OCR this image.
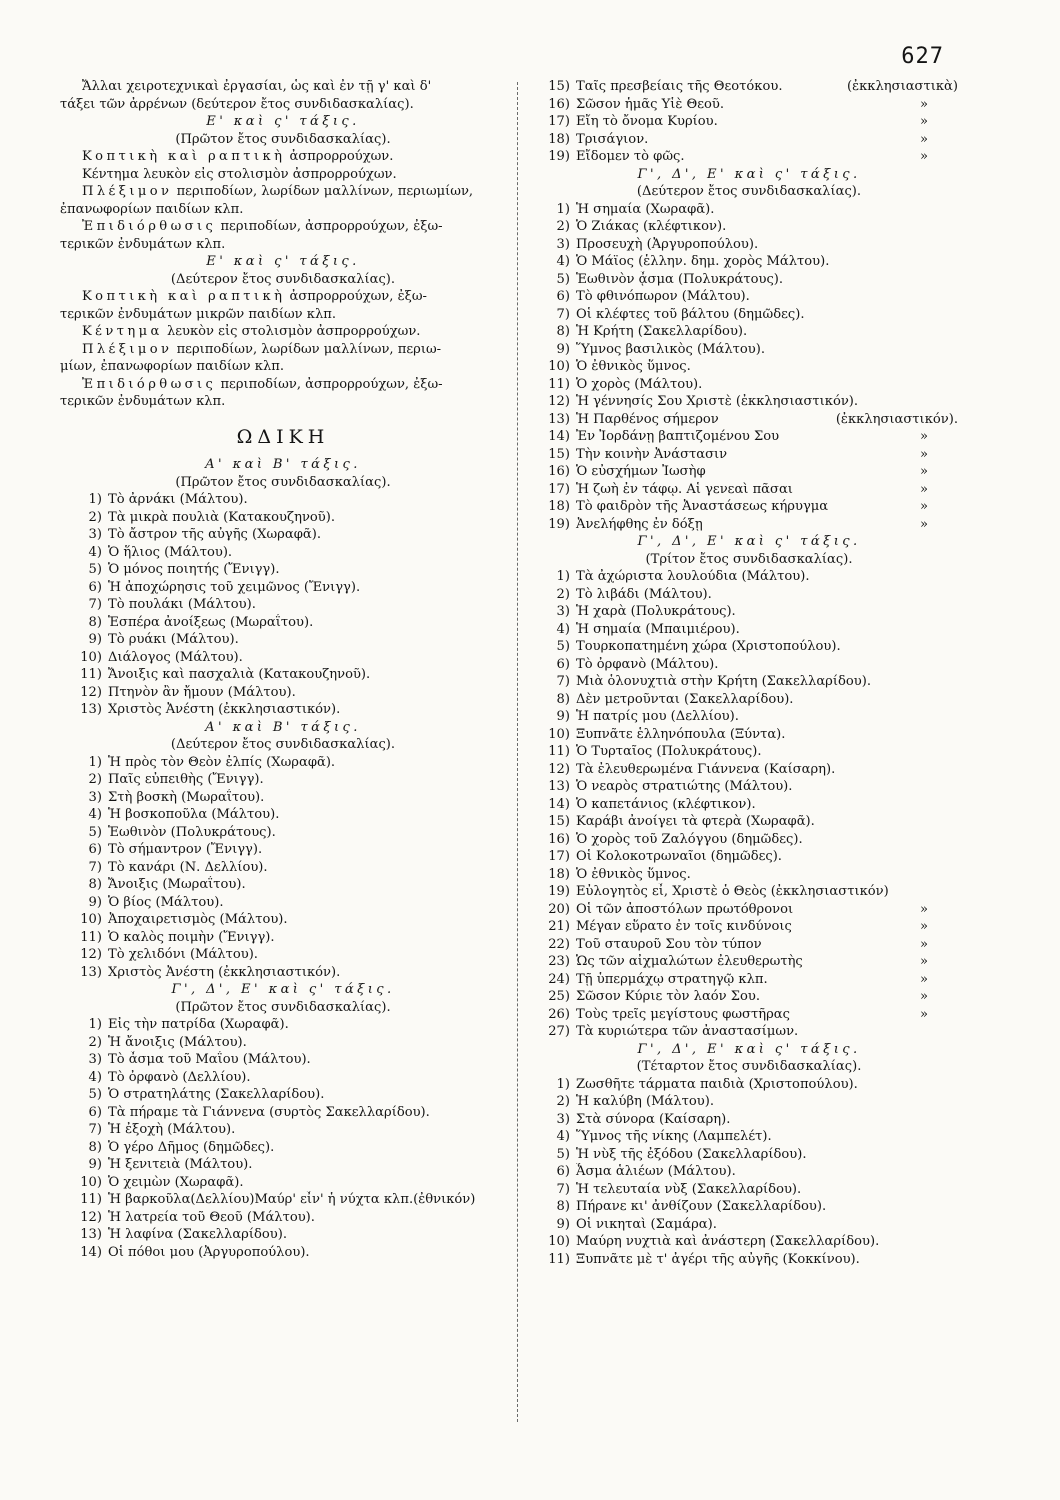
627
Ἄλλαι χειροτεχνικαὶ ἐργασίαι, ὡς καὶ ἐν τῇ γ' καὶ δ'
τάξει τῶν ἀρρένων (δεύτερον ἔτος συνδιδασκαλίας).
Ε' καὶ ς' τάξις.
(Πρῶτον ἔτος συνδιδασκαλίας).
Κοπτικὴ καὶ ραπτικὴ ἀσπρορρούχων.
Κέντημα λευκὸν εἰς στολισμὸν ἀσπρορρούχων.
Πλέξιμον περιποδίων, λωρίδων μαλλίνων, περιωμίων,
ἐπανωφορίων παιδίων κλπ.
Ἐπιδιόρθωσις περιποδίων, ἀσπρορρούχων, ἐξω-
τερικῶν ἐνδυμάτων κλπ.
Ε' καὶ ς' τάξις.
(Δεύτερον ἔτος συνδιδασκαλίας).
Κοπτικὴ καὶ ραπτικὴ ἀσπρορρούχων, ἐξω-
τερικῶν ἐνδυμάτων μικρῶν παιδίων κλπ.
Κέντημα λευκὸν εἰς στολισμὸν ἀσπρορρούχων.
Πλέξιμον περιποδίων, λωρίδων μαλλίνων, περιω-
μίων, ἐπανωφορίων παιδίων κλπ.
Ἐπιδιόρθωσις περιποδίων, ἀσπρορρούχων, ἐξω-
τερικῶν ἐνδυμάτων κλπ.
ΩΔΙΚΗ
Α' καὶ Β' τάξις.
(Πρῶτον ἔτος συνδιδασκαλίας).
1) Τὸ ἀρνάκι (Μάλτου).
2) Τὰ μικρὰ πουλιὰ (Κατακουζηνοῦ).
3) Τὸ ἄστρον τῆς αὐγῆς (Χωραφᾶ).
4) Ὁ ἥλιος (Μάλτου).
5) Ὁ μόνος ποιητής (Ἔνιγγ).
6) Ἡ ἀποχώρησις τοῦ χειμῶνος (Ἔνιγγ).
7) Τὸ πουλάκι (Μάλτου).
8) Ἑσπέρα ἀνοίξεως (Μωραΐτου).
9) Τὸ ρυάκι (Μάλτου).
10) Διάλογος (Μάλτου).
11) Ἄνοιξις καὶ πασχαλιὰ (Κατακουζηνοῦ).
12) Πτηνὸν ἂν ἤμουν (Μάλτου).
13) Χριστὸς Ἀνέστη (ἐκκλησιαστικόν).
Α' καὶ Β' τάξις.
(Δεύτερον ἔτος συνδιδασκαλίας).
1) Ἡ πρὸς τὸν Θεὸν ἐλπίς (Χωραφᾶ).
2) Παῖς εὐπειθὴς (Ἔνιγγ).
3) Στὴ βοσκὴ (Μωραΐτου).
4) Ἡ βοσκοποῦλα (Μάλτου).
5) Ἑωθινὸν (Πολυκράτους).
6) Τὸ σήμαντρον (Ἔνιγγ).
7) Τὸ κανάρι (Ν. Δελλίου).
8) Ἄνοιξις (Μωραΐτου).
9) Ὁ βίος (Μάλτου).
10) Ἀποχαιρετισμὸς (Μάλτου).
11) Ὁ καλὸς ποιμὴν (Ἔνιγγ).
12) Τὸ χελιδόνι (Μάλτου).
13) Χριστὸς Ἀνέστη (ἐκκλησιαστικόν).
Γ', Δ', Ε' καὶ ς' τάξις.
(Πρῶτον ἔτος συνδιδασκαλίας).
1) Εἰς τὴν πατρίδα (Χωραφᾶ).
2) Ἡ ἄνοιξις (Μάλτου).
3) Τὸ ἆσμα τοῦ Μαΐου (Μάλτου).
4) Τὸ ὀρφανὸ (Δελλίου).
5) Ὁ στρατηλάτης (Σακελλαρίδου).
6) Τὰ πήραμε τὰ Γιάννενα (συρτὸς Σακελλαρίδου).
7) Ἡ ἐξοχὴ (Μάλτου).
8) Ὁ γέρο Δῆμος (δημῶδες).
9) Ἡ ξενιτειὰ (Μάλτου).
10) Ὁ χειμὼν (Χωραφᾶ).
11) Ἡ βαρκοῦλα(Δελλίου)Μαύρ' εἶν' ἡ νύχτα κλπ.(ἐθνικόν)
12) Ἡ λατρεία τοῦ Θεοῦ (Μάλτου).
13) Ἡ λαφίνα (Σακελλαρίδου).
14) Οἱ πόθοι μου (Ἀργυροπούλου).
15) Ταῖς πρεσβείαις τῆς Θεοτόκου.	(ἐκκλησιαστικὰ)
16) Σῶσον ἡμᾶς Υἱὲ Θεοῦ.	»
17) Εἴη τὸ ὄνομα Κυρίου.	»
18) Τρισάγιον.	»
19) Εἴδομεν τὸ φῶς.	»
Γ', Δ', Ε' καὶ ς' τάξις.
(Δεύτερον ἔτος συνδιδασκαλίας).
1) Ἡ σημαία (Χωραφᾶ).
2) Ὁ Ζιάκας (κλέφτικον).
3) Προσευχὴ (Ἀργυροπούλου).
4) Ὁ Μάϊος (ἑλλην. δημ. χορὸς Μάλτου).
5) Ἑωθινὸν ᾆσμα (Πολυκράτους).
6) Τὸ φθινόπωρον (Μάλτου).
7) Οἱ κλέφτες τοῦ βάλτου (δημῶδες).
8) Ἡ Κρήτη (Σακελλαρίδου).
9) Ὕμνος βασιλικὸς (Μάλτου).
10) Ὁ ἐθνικὸς ὕμνος.
11) Ὁ χορὸς (Μάλτου).
12) Ἡ γέννησίς Σου Χριστὲ (ἐκκλησιαστικόν).
13) Ἡ Παρθένος σήμερον	(ἐκκλησιαστικόν).
14) Ἐν Ἰορδάνῃ βαπτιζομένου Σου	»
15) Τὴν κοινὴν Ἀνάστασιν	»
16) Ὁ εὐσχήμων Ἰωσὴφ	»
17) Ἡ ζωὴ ἐν τάφῳ. Αἱ γενεαὶ πᾶσαι	»
18) Τὸ φαιδρὸν τῆς Ἀναστάσεως κήρυγμα	»
19) Ἀνελήφθης ἐν δόξῃ	»
Γ', Δ', Ε' καὶ ς' τάξις.
(Τρίτον ἔτος συνδιδασκαλίας).
1) Τὰ ἀχώριστα λουλούδια (Μάλτου).
2) Τὸ λιβάδι (Μάλτου).
3) Ἡ χαρὰ (Πολυκράτους).
4) Ἡ σημαία (Μπαιμιέρου).
5) Τουρκοπατημένη χώρα (Χριστοπούλου).
6) Τὸ ὀρφανὸ (Μάλτου).
7) Μιὰ ὁλονυχτιὰ στὴν Κρήτη (Σακελλαρίδου).
8) Δὲν μετροῦνται (Σακελλαρίδου).
9) Ἡ πατρίς μου (Δελλίου).
10) Ξυπνᾶτε ἑλληνόπουλα (Ξύντα).
11) Ὁ Τυρταῖος (Πολυκράτους).
12) Τὰ ἐλευθερωμένα Γιάννενα (Καίσαρη).
13) Ὁ νεαρὸς στρατιώτης (Μάλτου).
14) Ὁ καπετάνιος (κλέφτικον).
15) Καράβι ἀνοίγει τὰ φτερὰ (Χωραφᾶ).
16) Ὁ χορὸς τοῦ Ζαλόγγου (δημῶδες).
17) Οἱ Κολοκοτρωναῖοι (δημῶδες).
18) Ὁ ἐθνικὸς ὕμνος.
19) Εὐλογητὸς εἶ, Χριστὲ ὁ Θεὸς (ἐκκλησιαστικόν)
20) Οἱ τῶν ἀποστόλων πρωτόθρονοι	»
21) Μέγαν εὕρατο ἐν τοῖς κινδύνοις	»
22) Τοῦ σταυροῦ Σου τὸν τύπον	»
23) Ὡς τῶν αἰχμαλώτων ἐλευθερωτὴς	»
24) Τῇ ὑπερμάχῳ στρατηγῷ κλπ.	»
25) Σῶσον Κύριε τὸν λαόν Σου.	»
26) Τοὺς τρεῖς μεγίστους φωστῆρας	»
27) Τὰ κυριώτερα τῶν ἀναστασίμων.
Γ', Δ', Ε' καὶ ς' τάξις.
(Τέταρτον ἔτος συνδιδασκαλίας).
1) Ζωσθῆτε τάρματα παιδιὰ (Χριστοπούλου).
2) Ἡ καλύβη (Μάλτου).
3) Στὰ σύνορα (Καίσαρη).
4) Ὕμνος τῆς νίκης (Λαμπελέτ).
5) Ἡ νὺξ τῆς ἐξόδου (Σακελλαρίδου).
6) Ἆσμα ἁλιέων (Μάλτου).
7) Ἡ τελευταία νὺξ (Σακελλαρίδου).
8) Πήρανε κι' ἀνθίζουν (Σακελλαρίδου).
9) Οἱ νικηταὶ (Σαμάρα).
10) Μαύρη νυχτιὰ καὶ ἀνάστερη (Σακελλαρίδου).
11) Ξυπνᾶτε μὲ τ' ἀγέρι τῆς αὐγῆς (Κοκκίνου).
